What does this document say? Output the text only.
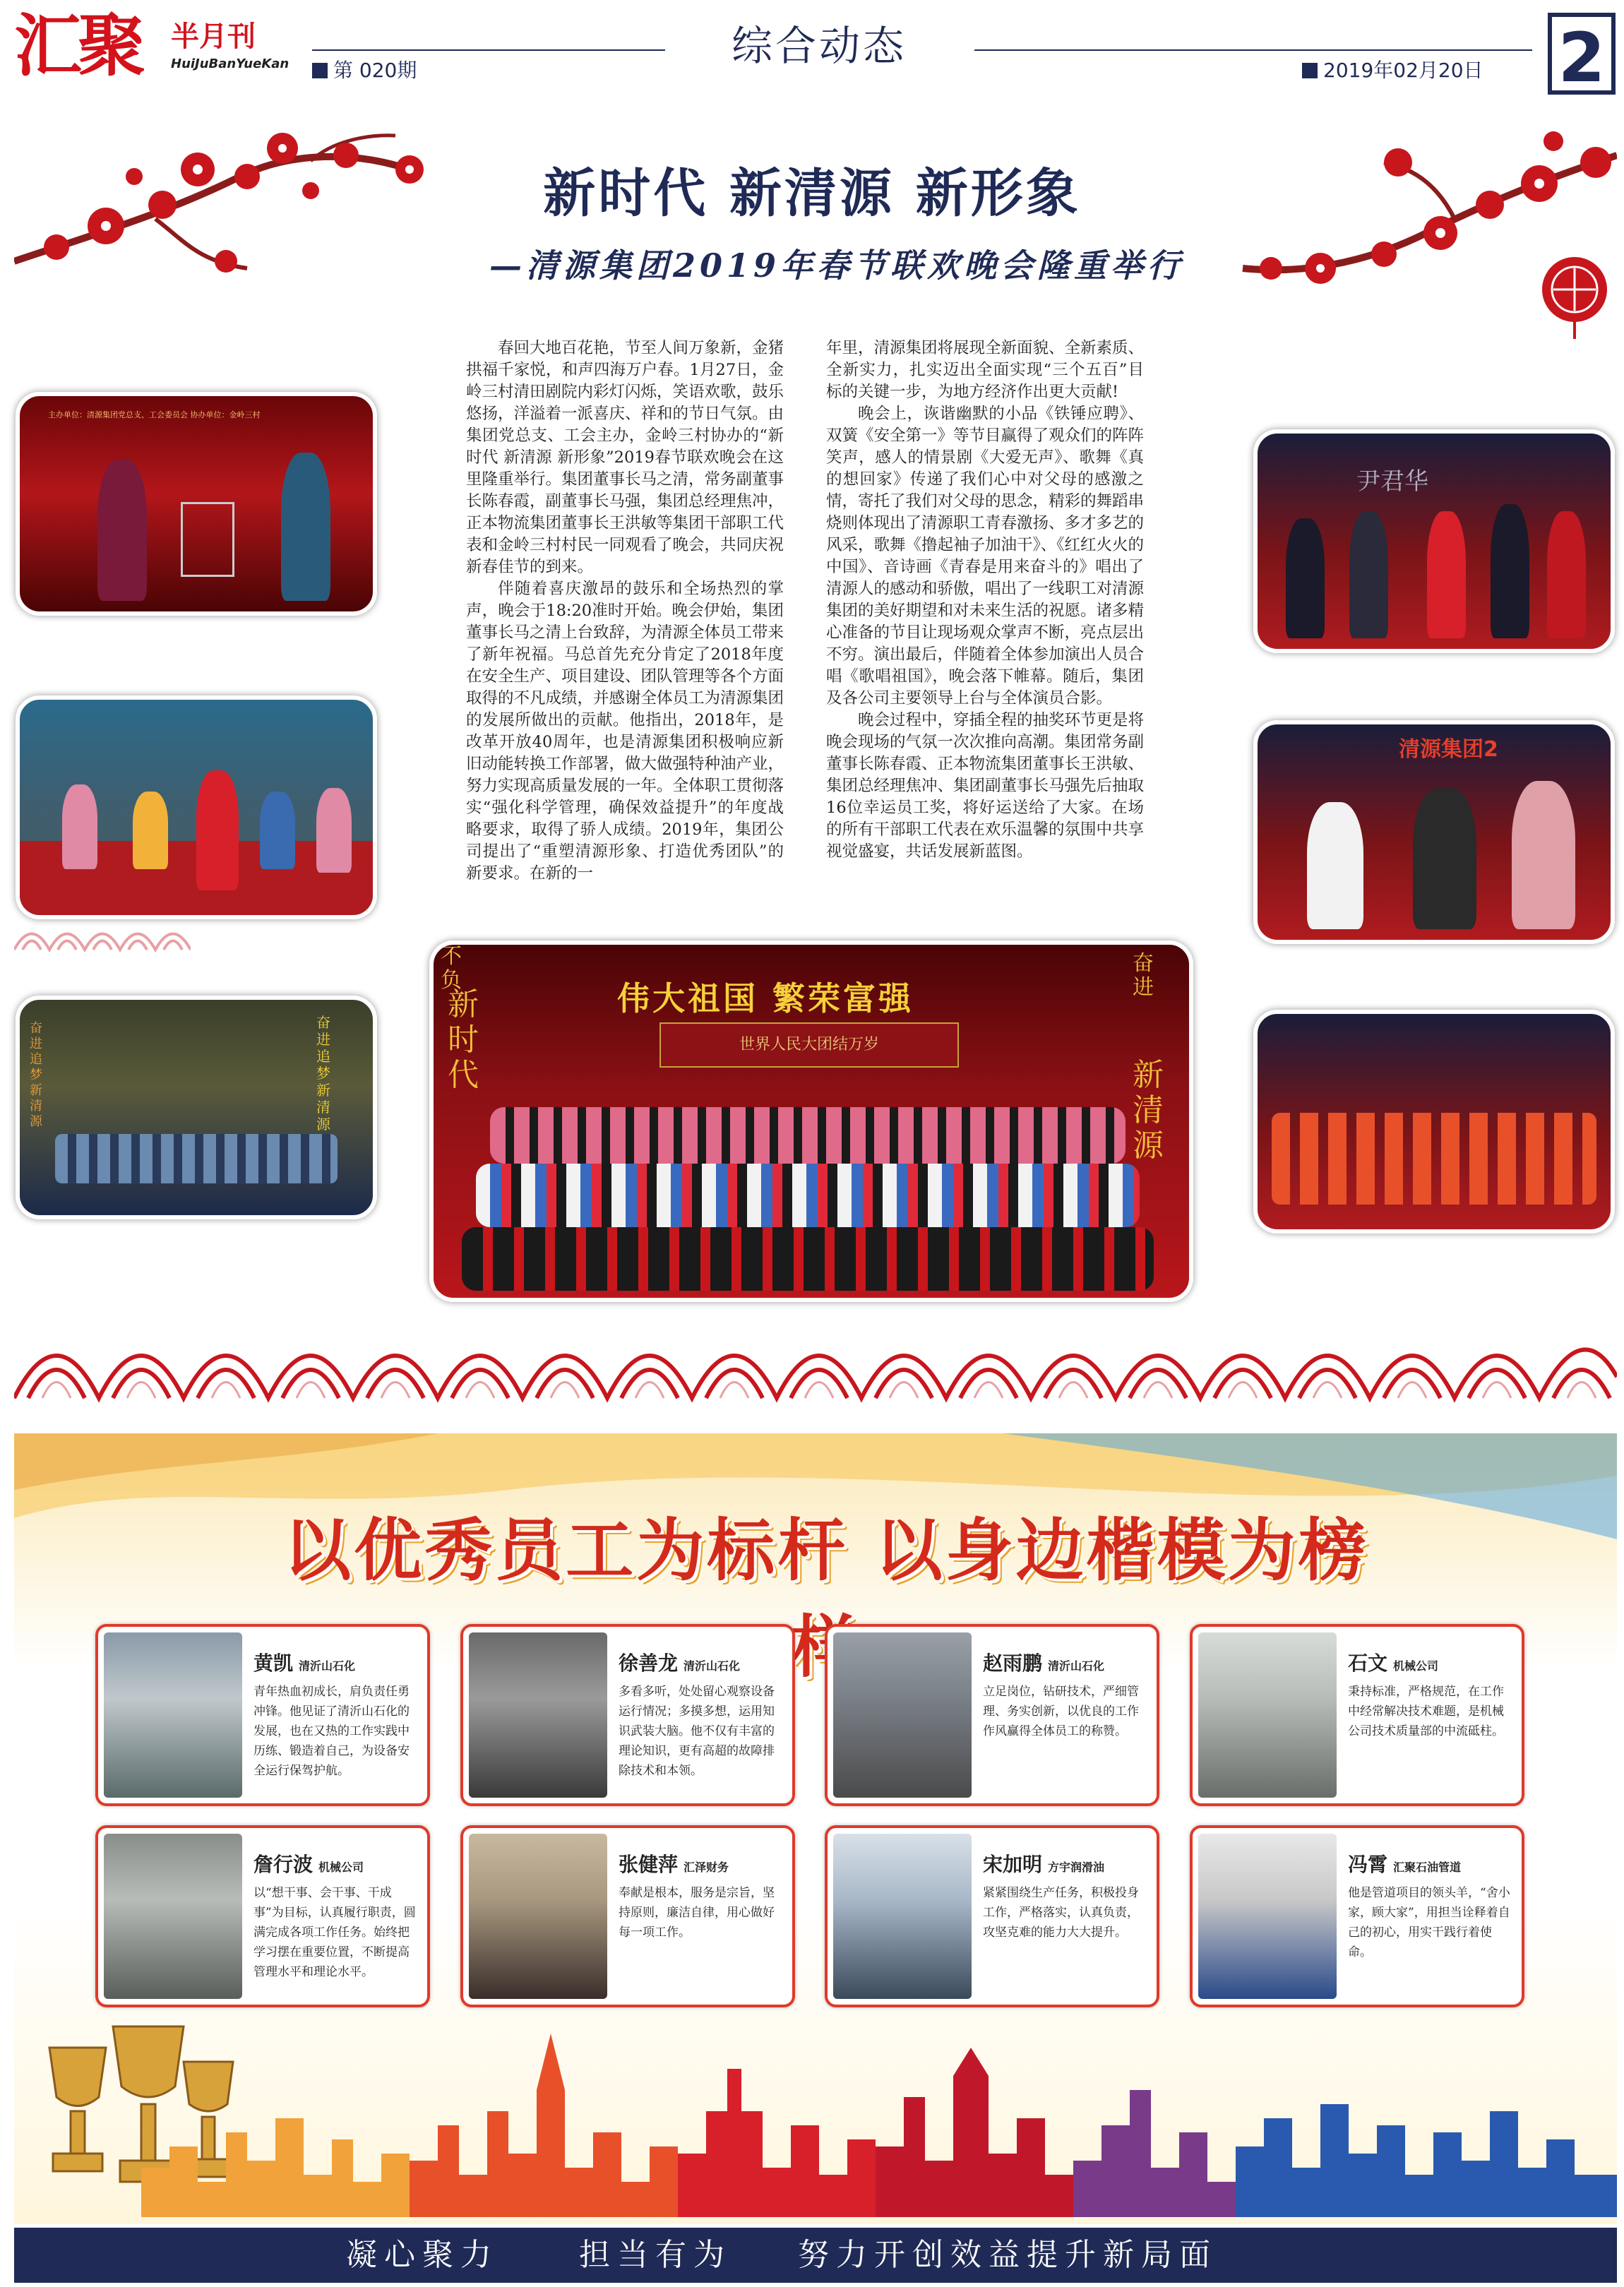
汇聚 半月刊
HuiJuBanYueKan	综合动态
第 020期	2019年02月20日 2
新时代 新清源 新形象
—清源集团2019年春节联欢晚会隆重举行

春回大地百花艳，节至人间万象新，金猪拱福千家悦，和声四海万户春。1月27日，金岭三村清田剧院内彩灯闪烁，笑语欢歌，鼓乐悠扬，洋溢着一派喜庆、祥和的节日气氛。由集团党总支、工会主办，金岭三村协办的“新时代 新清源 新形象”2019春节联欢晚会在这里隆重举行。集团董事长马之清，常务副董事长陈春霞，副董事长马强，集团总经理焦冲，正本物流集团董事长王洪敏等集团干部职工代表和金岭三村村民一同观看了晚会，共同庆祝新春佳节的到来。

伴随着喜庆激昂的鼓乐和全场热烈的掌声，晚会于18:20准时开始。晚会伊始，集团董事长马之清上台致辞，为清源全体员工带来了新年祝福。马总首先充分肯定了2018年度在安全生产、项目建设、团队管理等各个方面取得的不凡成绩，并感谢全体员工为清源集团的发展所做出的贡献。他指出，2018年，是改革开放40周年，也是清源集团积极响应新旧动能转换工作部署，做大做强特种油产业，努力实现高质量发展的一年。全体职工贯彻落实“强化科学管理，确保效益提升”的年度战略要求，取得了骄人成绩。2019年，集团公司提出了“重塑清源形象、打造优秀团队”的新要求。在新的一

年里，清源集团将展现全新面貌、全新素质、全新实力，扎实迈出全面实现“三个五百”目标的关键一步，为地方经济作出更大贡献!

晚会上，诙谐幽默的小品《铁锤应聘》、双簧《安全第一》等节目赢得了观众们的阵阵笑声，感人的情景剧《大爱无声》、歌舞《真的想回家》传递了我们心中对父母的感激之情，寄托了我们对父母的思念，精彩的舞蹈串烧则体现出了清源职工青春激扬、多才多艺的风采，歌舞《撸起袖子加油干》、《红红火火的中国》、音诗画《青春是用来奋斗的》唱出了清源人的感动和骄傲，唱出了一线职工对清源集团的美好期望和对未来生活的祝愿。诸多精心准备的节目让现场观众掌声不断，亮点层出不穷。演出最后，伴随着全体参加演出人员合唱《歌唱祖国》，晚会落下帷幕。随后，集团及各公司主要领导上台与全体演员合影。

晚会过程中，穿插全程的抽奖环节更是将晚会现场的气氛一次次推向高潮。集团常务副董事长陈春霞、正本物流集团董事长王洪敏、集团总经理焦冲、集团副董事长马强先后抽取16位幸运员工奖，将好运送给了大家。在场的所有干部职工代表在欢乐温馨的氛围中共享视觉盛宴，共话发展新蓝图。

主办单位：清源集团党总支、工会委员会 协办单位：金岭三村
奋进追梦新清源
奋进追梦新清源
尹君华
清源集团2
伟大祖国 繁荣富强
世界人民大团结万岁
新时代	新清源
奋进
不负
以优秀员工为标杆 以身边楷模为榜
黄凯 清沂山石化
青年热血初成长，肩负责任勇冲锋。他见证了清沂山石化的发展，也在又热的工作实践中历练、锻造着自己，为设备安全运行保驾护航。
徐善龙 清沂山石化
多看多听，处处留心观察设备运行情况；多摸多想，运用知识武装大脑。他不仅有丰富的理论知识，更有高超的故障排除技术和本领。
赵雨鹏 清沂山石化
立足岗位，钻研技术，严细管理、务实创新，以优良的工作作风赢得全体员工的称赞。
石文 机械公司
秉持标准，严格规范，在工作中经常解决技术难题，是机械公司技术质量部的中流砥柱。
詹行波 机械公司
以“想干事、会干事、干成事”为目标，认真履行职责，圆满完成各项工作任务。始终把学习摆在重要位置，不断提高管理水平和理论水平。
张健萍 汇泽财务
奉献是根本，服务是宗旨，坚持原则，廉洁自律，用心做好每一项工作。
宋加明 方宇润滑油
紧紧围绕生产任务，积极投身工作，严格落实，认真负责，攻坚克难的能力大大提升。
冯霄 汇聚石油管道
他是管道项目的领头羊，“舍小家，顾大家”，用担当诠释着自己的初心，用实干践行着使命。
凝心聚力	担当有为 努力开创效益提升新局面
